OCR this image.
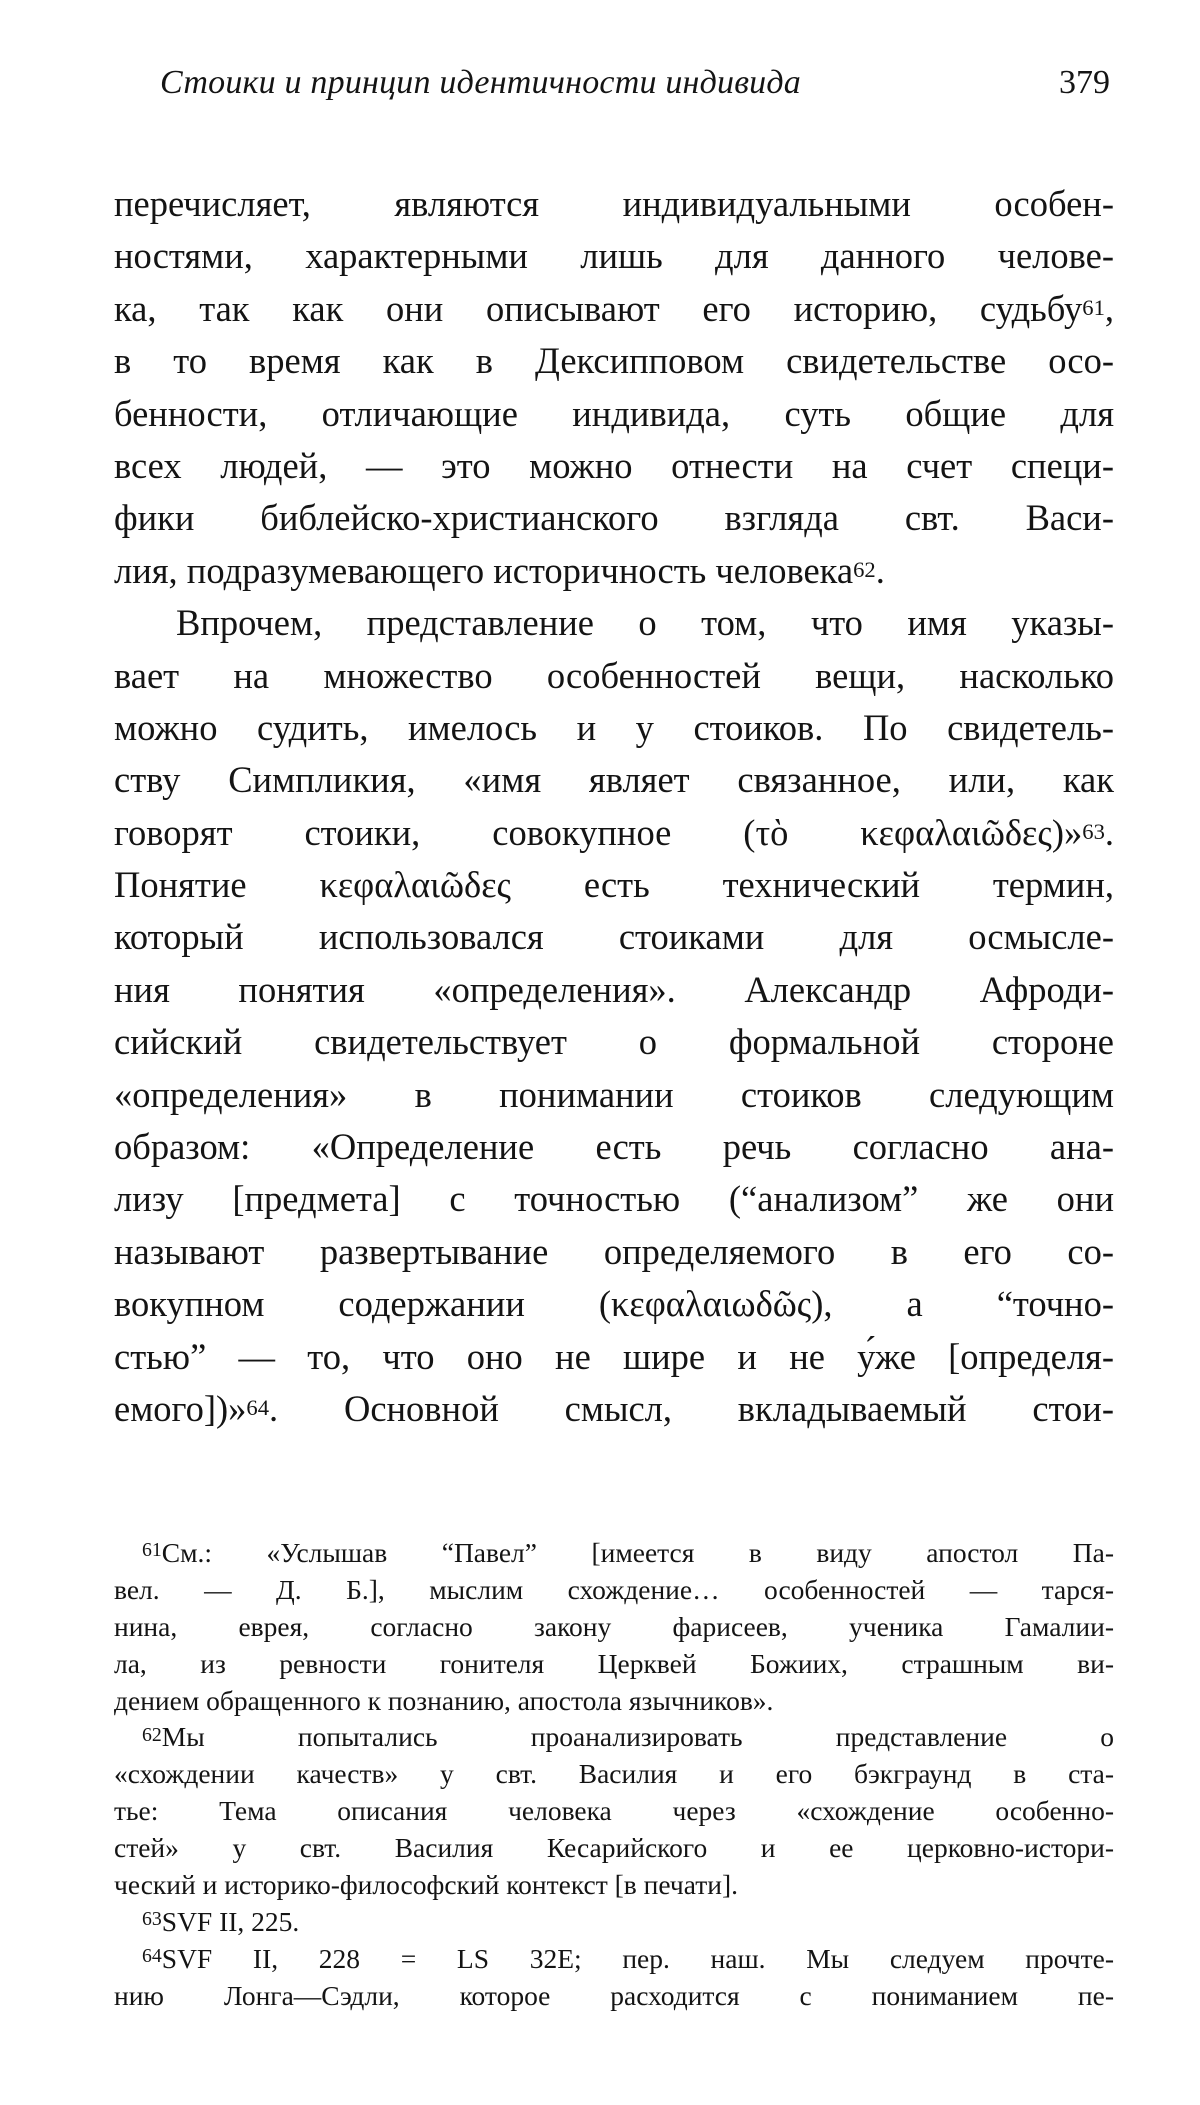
Стоики и принцип идентичности индивида	379
перечисляет, являются индивидуальными особен-
ностями, характерными лишь для данного челове-
ка, так как они описывают его историю, судьбу$^{61}$,
в то время как в Дексипповом свидетельстве осо-
бенности, отличающие индивида, суть общие для
всех людей, — это можно отнести на счет специ-
фики библейско-христианского взгляда свт. Васи-
лия, подразумевающего историчность человека$^{62}$.
Впрочем, представление о том, что имя указы-
вает на множество особенностей вещи, насколько
можно судить, имелось и у стоиков. По свидетель-
ству Симпликия, «имя являет связанное, или, как
говорят стоики, совокупное (τὸ κεφαλαιῶδες)»$^{63}$.
Понятие κεφαλαιῶδες есть технический термин,
который использовался стоиками для осмысле-
ния понятия «определения». Александр Афроди-
сийский свидетельствует о формальной стороне
«определения» в понимании стоиков следующим
образом: «Определение есть речь согласно ана-
лизу [предмета] с точностью (“анализом” же они
называют развертывание определяемого в его со-
вокупном содержании (κεφαλαιωδῶς), а “точно-
стью” — то, что оно не шире и не у́же [определя-
емого])»$^{64}$. Основной смысл, вкладываемый стои-
$^{61}$См.: «Услышав “Павел” [имеется в виду апостол Па-
вел. — Д. Б.], мыслим схождение… особенностей — тарся-
нина, еврея, согласно закону фарисеев, ученика Гамалии-
ла, из ревности гонителя Церквей Божиих, страшным ви-
дением обращенного к познанию, апостола язычников».
$^{62}$Мы попытались проанализировать представление о
«схождении качеств» у свт. Василия и его бэкграунд в ста-
тье: Тема описания человека через «схождение особенно-
стей» у свт. Василия Кесарийского и ее церковно-истори-
ческий и историко-философский контекст [в печати].
$^{63}$SVF II, 225.
$^{64}$SVF II, 228 = LS 32E; пер. наш. Мы следуем прочте-
нию Лонга—Сэдли, которое расходится с пониманием пе-
